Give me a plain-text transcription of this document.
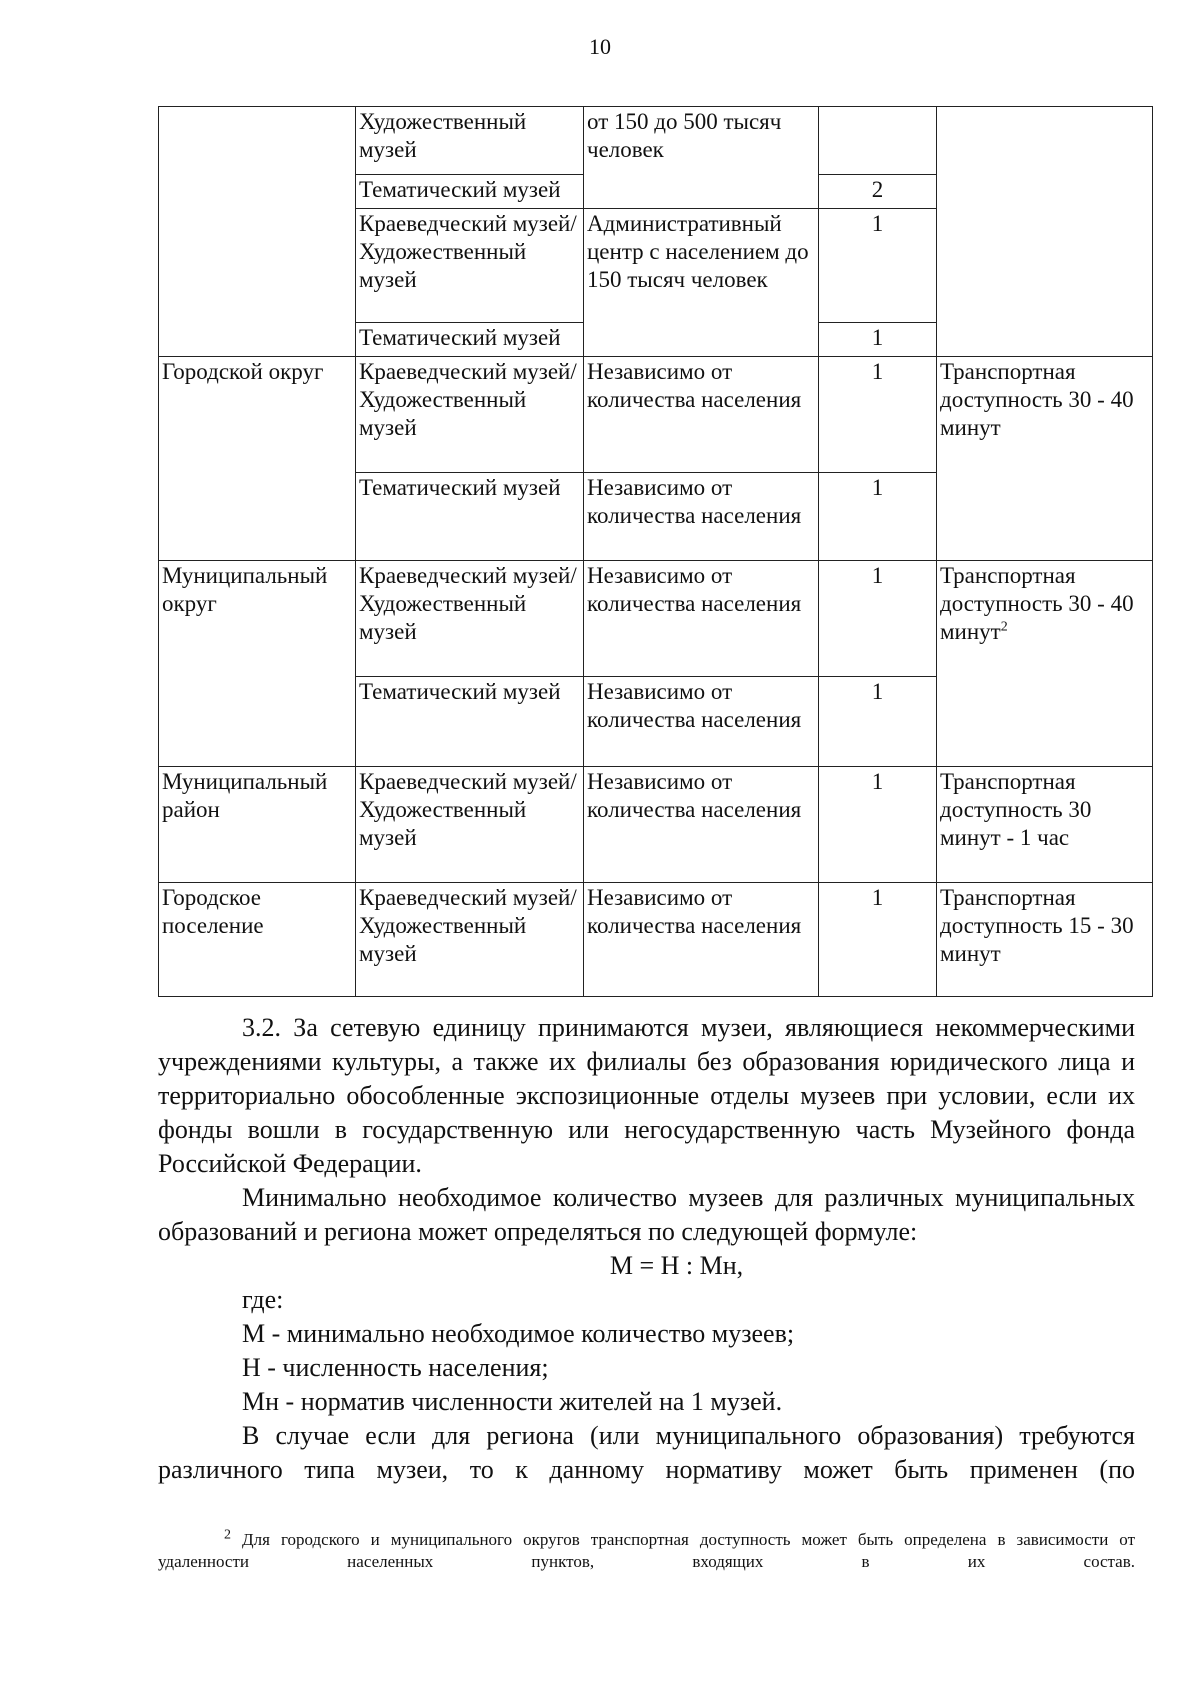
10

	Художественный музей	от 150 до 500 тысяч человек		

	Тематический музей		2	

	Краеведческий музей/ Художественный музей	Административный центр с населением до 150 тысяч человек	1	

	Тематический музей		1	

Городской округ	Краеведческий музей/ Художественный музей	Независимо от количества населения	1	Транспортная доступность 30 - 40 минут

	Тематический музей	Независимо от количества населения	1	

Муниципальный округ	Краеведческий музей/ Художественный музей	Независимо от количества населения	1	Транспортная доступность 30 - 40 минут$^2$

	Тематический музей	Независимо от количества населения	1	

Муниципальный район	Краеведческий музей/ Художественный музей	Независимо от количества населения	1	Транспортная доступность 30 минут - 1 час

Городское поселение	Краеведческий музей/ Художественный музей	Независимо от количества населения	1	Транспортная доступность 15 - 30 минут

3.2. За сетевую единицу принимаются музеи, являющиеся некоммерческими учреждениями культуры, а также их филиалы без образования юридического лица и территориально обособленные экспозиционные отделы музеев при условии, если их фонды вошли в государственную или негосударственную часть Музейного фонда Российской Федерации.

Минимально необходимое количество музеев для различных муниципальных образований и региона может определяться по следующей формуле:

М = Н : Мн,

где:

М - минимально необходимое количество музеев;

Н - численность населения;

Мн - норматив численности жителей на 1 музей.

В случае если для региона (или муниципального образования) требуются различного типа музеи, то к данному нормативу может быть применен (по

$^2$ Для городского и муниципального округов транспортная доступность может быть определена в зависимости от удаленности населенных пунктов, входящих в их состав.
